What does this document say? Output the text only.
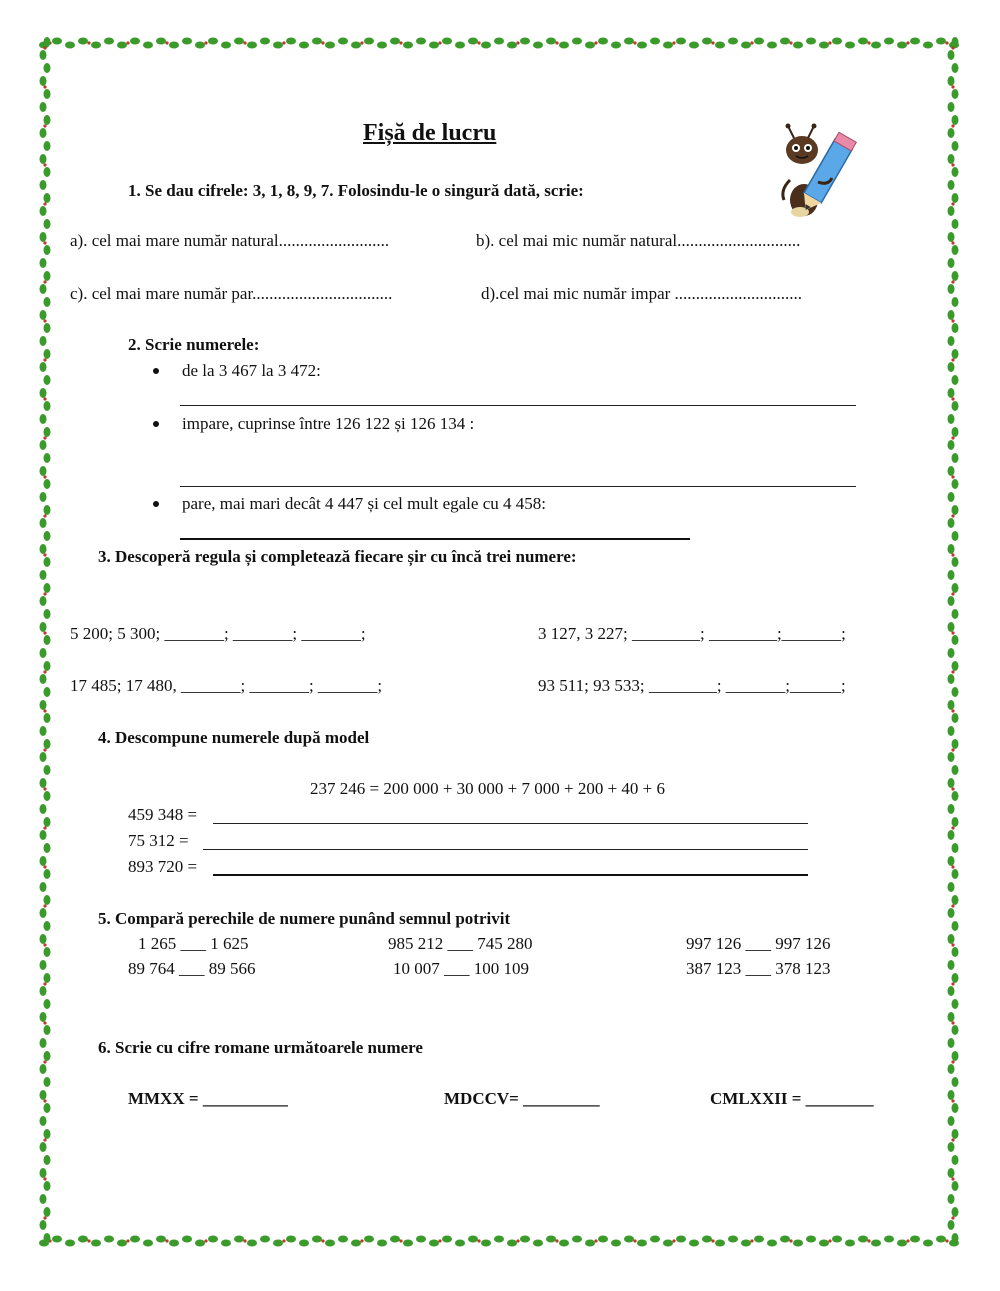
Fișă de lucru
1. Se dau cifrele: 3, 1, 8, 9, 7. Folosindu-le o singură dată, scrie:
a). cel mai mare număr natural..........................	b). cel mai mic număr natural.............................
c). cel mai mare număr par.................................	d).cel mai mic număr impar ..............................
2. Scrie numerele:
de la 3 467 la 3 472:
impare, cuprinse între 126 122 și 126 134 :
pare, mai mari decât 4 447 și cel mult egale cu 4 458:
3. Descoperă regula și completează fiecare șir cu încă trei numere:
5 200; 5 300; _______; _______; _______;	3 127, 3 227; ________; ________;_______;
17 485; 17 480, _______; _______; _______;	93 511; 93 533; ________; _______;______;
4. Descompune numerele după model
237 246 = 200 000 + 30 000 + 7 000 + 200 + 40 + 6
459 348 =
75 312 =
893 720 =
5. Compară perechile de numere punând semnul potrivit
1 265 ___ 1 625	985 212 ___ 745 280	997 126 ___ 997 126
89 764 ___ 89 566	10 007 ___ 100 109	387 123 ___ 378 123
6. Scrie cu cifre romane următoarele numere
MMXX = __________	MDCCV= _________	CMLXXII = ________
